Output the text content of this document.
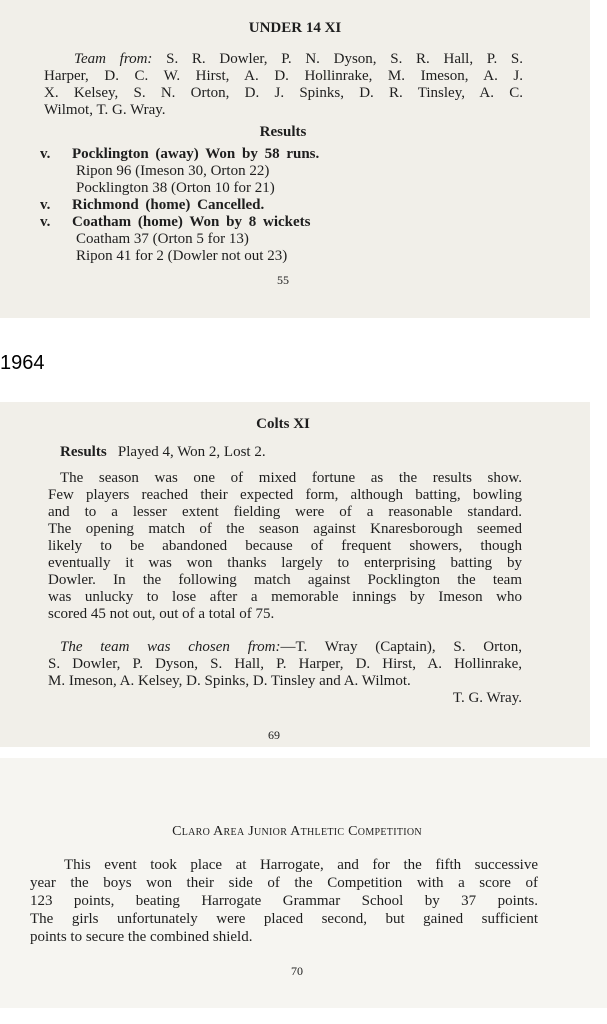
UNDER 14 XI
Team from: S. R. Dowler, P. N. Dyson, S. R. Hall, P. S.
Harper, D. C. W. Hirst, A. D. Hollinrake, M. Imeson, A. J.
X. Kelsey, S. N. Orton, D. J. Spinks, D. R. Tinsley, A. C.
Wilmot, T. G. Wray.
Results
v. Pocklington (away) Won by 58 runs.
Ripon 96 (Imeson 30, Orton 22)
Pocklington 38 (Orton 10 for 21)
v. Richmond (home) Cancelled.
v. Coatham (home) Won by 8 wickets
Coatham 37 (Orton 5 for 13)
Ripon 41 for 2 (Dowler not out 23)
55
1964
Colts XI
Results Played 4, Won 2, Lost 2.
The season was one of mixed fortune as the results show.
Few players reached their expected form, although batting, bowling
and to a lesser extent fielding were of a reasonable standard.
The opening match of the season against Knaresborough seemed
likely to be abandoned because of frequent showers, though
eventually it was won thanks largely to enterprising batting by
Dowler. In the following match against Pocklington the team
was unlucky to lose after a memorable innings by Imeson who
scored 45 not out, out of a total of 75.
The team was chosen from:—T. Wray (Captain), S. Orton,
S. Dowler, P. Dyson, S. Hall, P. Harper, D. Hirst, A. Hollinrake,
M. Imeson, A. Kelsey, D. Spinks, D. Tinsley and A. Wilmot.
T. G. Wray.
69
Claro Area Junior Athletic Competition
This event took place at Harrogate, and for the fifth successive
year the boys won their side of the Competition with a score of
123 points, beating Harrogate Grammar School by 37 points.
The girls unfortunately were placed second, but gained sufficient
points to secure the combined shield.
70
